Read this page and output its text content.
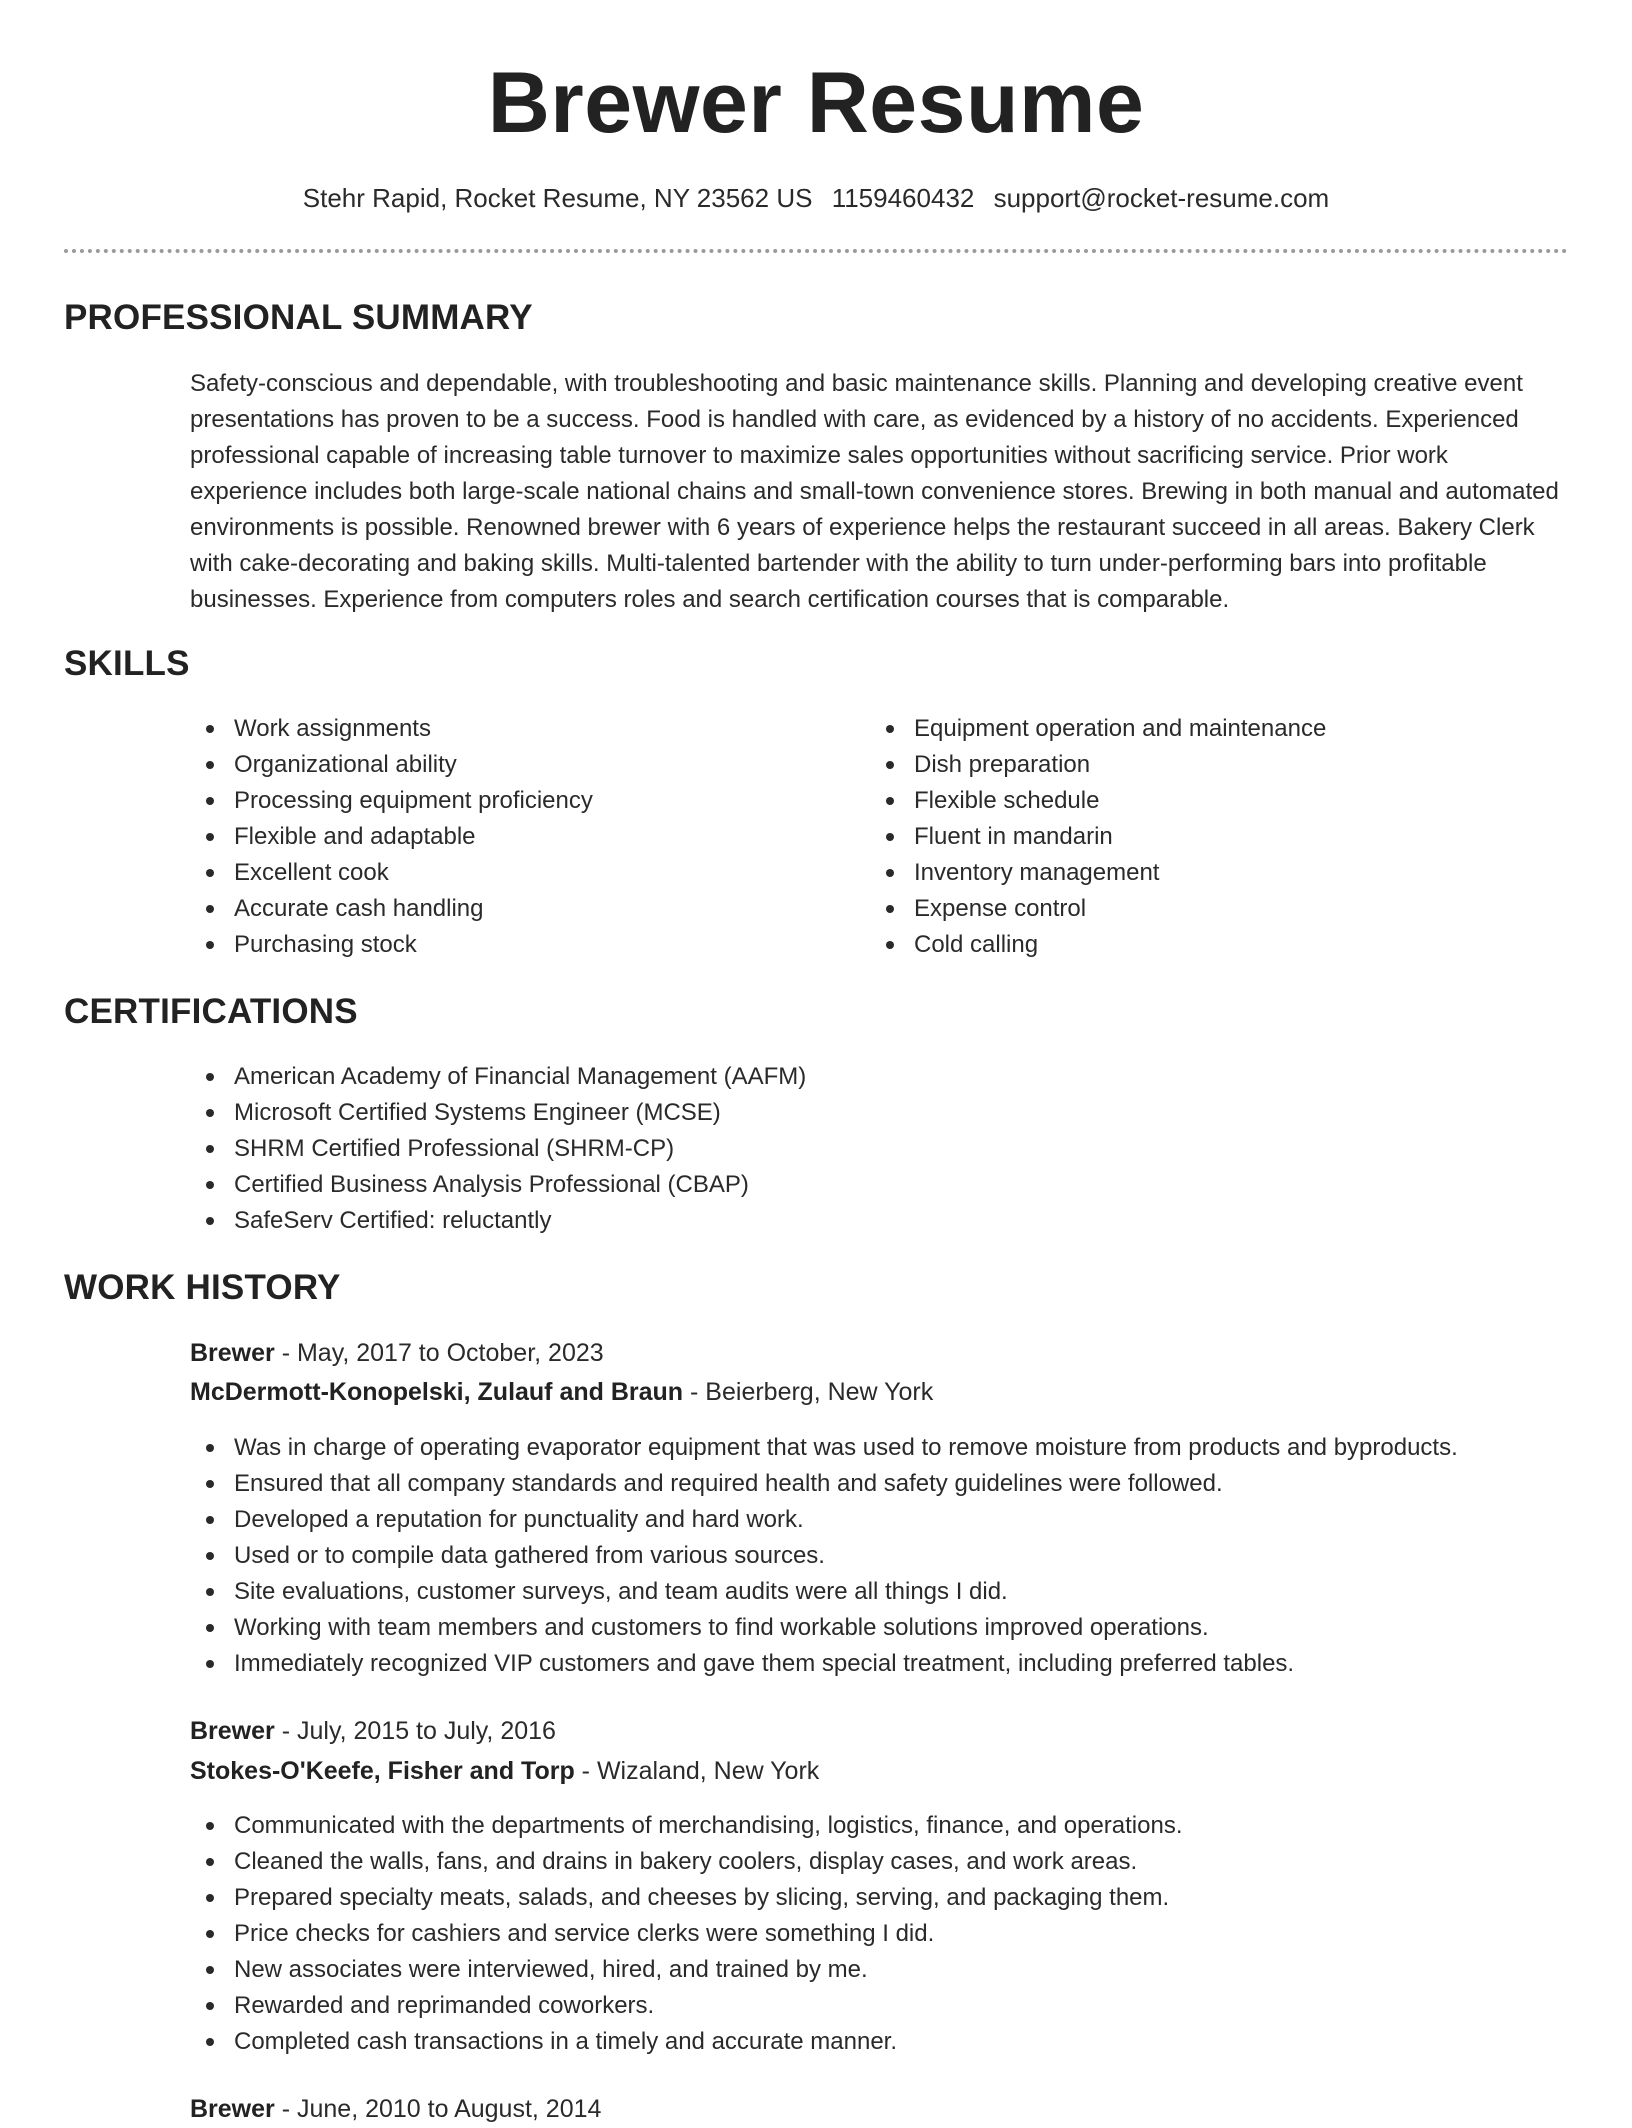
Brewer Resume
Stehr Rapid, Rocket Resume, NY 23562 US 1159460432 support@rocket-resume.com
PROFESSIONAL SUMMARY

Safety-conscious and dependable, with troubleshooting and basic maintenance skills. Planning and developing creative event presentations has proven to be a success. Food is handled with care, as evidenced by a history of no accidents. Experienced professional capable of increasing table turnover to maximize sales opportunities without sacrificing service. Prior work experience includes both large-scale national chains and small-town convenience stores. Brewing in both manual and automated environments is possible. Renowned brewer with 6 years of experience helps the restaurant succeed in all areas. Bakery Clerk with cake-decorating and baking skills. Multi-talented bartender with the ability to turn under-performing bars into profitable businesses. Experience from computers roles and search certification courses that is comparable.

SKILLS
Work assignments
Organizational ability
Processing equipment proficiency
Flexible and adaptable
Excellent cook
Accurate cash handling
Purchasing stock
Equipment operation and maintenance
Dish preparation
Flexible schedule
Fluent in mandarin
Inventory management
Expense control
Cold calling
CERTIFICATIONS
American Academy of Financial Management (AAFM)
Microsoft Certified Systems Engineer (MCSE)
SHRM Certified Professional (SHRM-CP)
Certified Business Analysis Professional (CBAP)
SafeServ Certified: reluctantly
WORK HISTORY
Brewer - May, 2017 to October, 2023
McDermott-Konopelski, Zulauf and Braun - Beierberg, New York
Was in charge of operating evaporator equipment that was used to remove moisture from products and byproducts.
Ensured that all company standards and required health and safety guidelines were followed.
Developed a reputation for punctuality and hard work.
Used or to compile data gathered from various sources.
Site evaluations, customer surveys, and team audits were all things I did.
Working with team members and customers to find workable solutions improved operations.
Immediately recognized VIP customers and gave them special treatment, including preferred tables.
Brewer - July, 2015 to July, 2016
Stokes-O'Keefe, Fisher and Torp - Wizaland, New York
Communicated with the departments of merchandising, logistics, finance, and operations.
Cleaned the walls, fans, and drains in bakery coolers, display cases, and work areas.
Prepared specialty meats, salads, and cheeses by slicing, serving, and packaging them.
Price checks for cashiers and service clerks were something I did.
New associates were interviewed, hired, and trained by me.
Rewarded and reprimanded coworkers.
Completed cash transactions in a timely and accurate manner.
Brewer - June, 2010 to August, 2014
